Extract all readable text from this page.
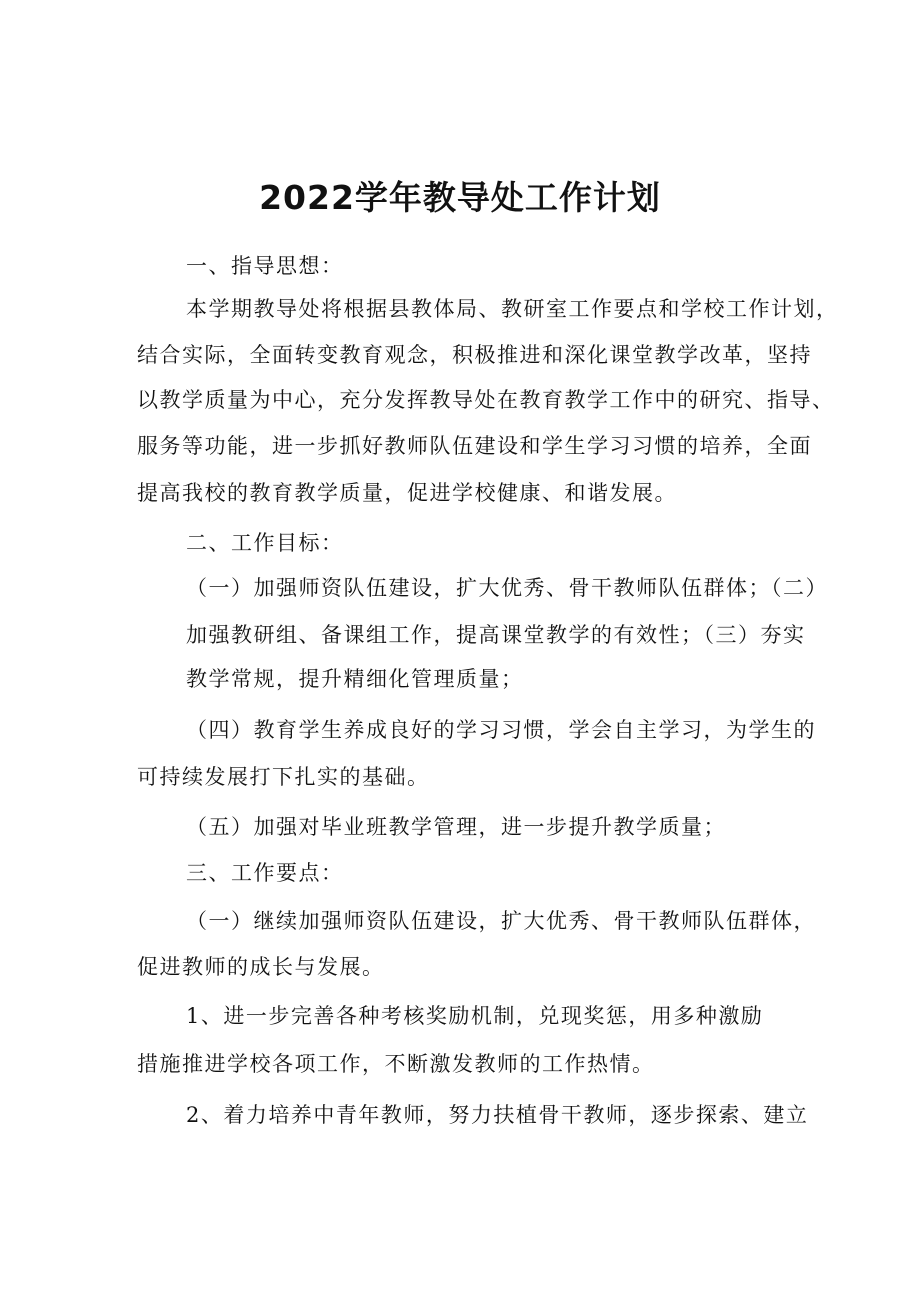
2022学年教导处工作计划
一、指导思想：
本学期教导处将根据县教体局、教研室工作要点和学校工作计划，
结合实际，全面转变教育观念，积极推进和深化课堂教学改革，坚持
以教学质量为中心，充分发挥教导处在教育教学工作中的研究、指导、
服务等功能，进一步抓好教师队伍建设和学生学习习惯的培养，全面
提高我校的教育教学质量，促进学校健康、和谐发展。
二、工作目标：
（一）加强师资队伍建设，扩大优秀、骨干教师队伍群体；（二）
加强教研组、备课组工作，提高课堂教学的有效性；（三）夯实
教学常规，提升精细化管理质量；
（四）教育学生养成良好的学习习惯，学会自主学习，为学生的
可持续发展打下扎实的基础。
（五）加强对毕业班教学管理，进一步提升教学质量；
三、工作要点：
（一）继续加强师资队伍建设，扩大优秀、骨干教师队伍群体，
促进教师的成长与发展。
1、进一步完善各种考核奖励机制，兑现奖惩，用多种激励
措施推进学校各项工作，不断激发教师的工作热情。
2、着力培养中青年教师，努力扶植骨干教师，逐步探索、建立
